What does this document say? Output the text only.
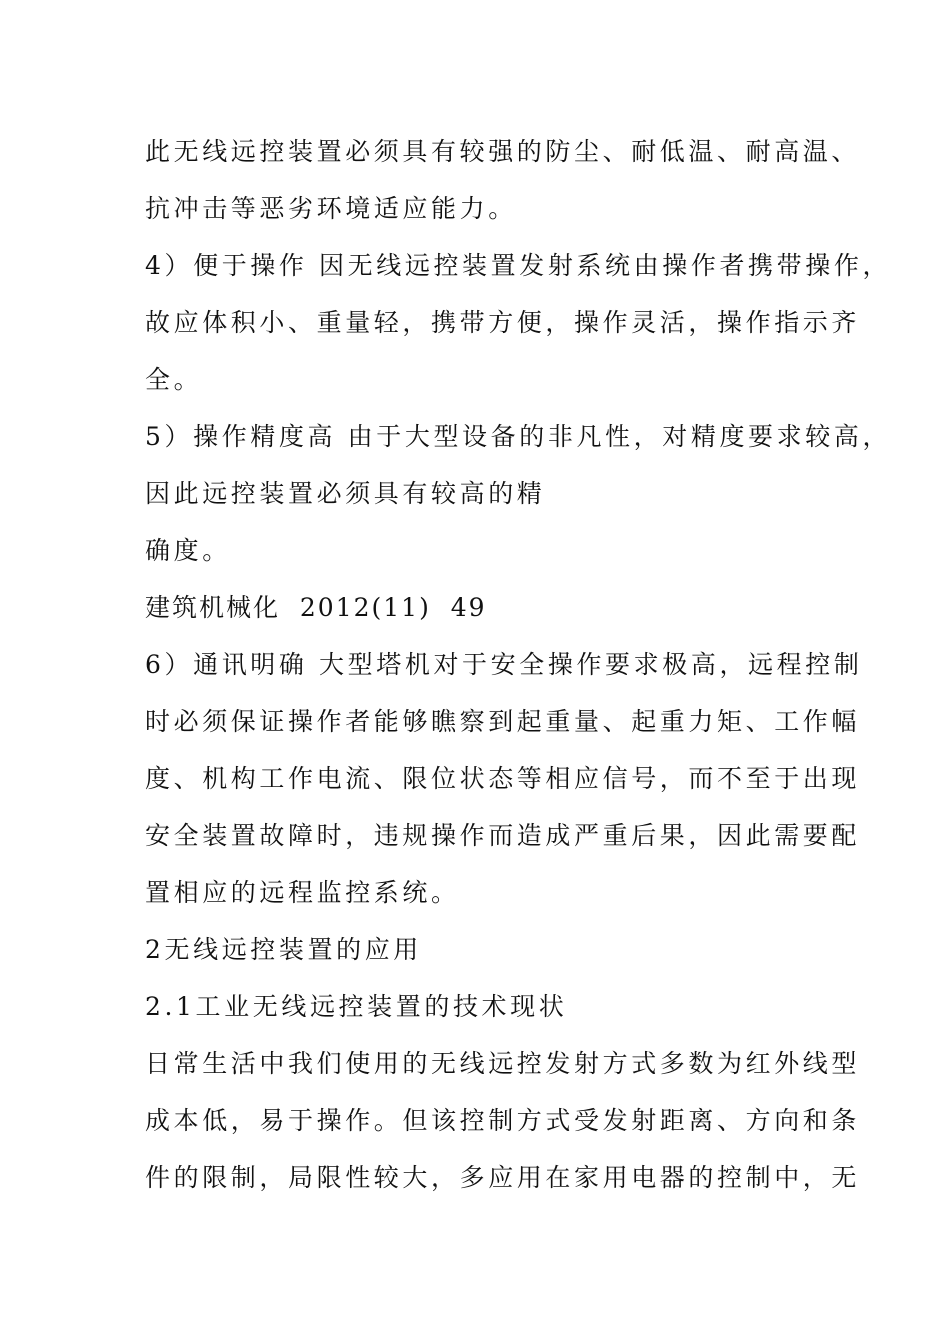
此无线远控装置必须具有较强的防尘、耐低温、耐高温、
抗冲击等恶劣环境适应能力。
4）便于操作 因无线远控装置发射系统由操作者携带操作，
故应体积小、重量轻，携带方便，操作灵活，操作指示齐
全。
5）操作精度高 由于大型设备的非凡性，对精度要求较高，
因此远控装置必须具有较高的精
确度。
建筑机械化  2012(11)  49
6）通讯明确 大型塔机对于安全操作要求极高，远程控制
时必须保证操作者能够瞧察到起重量、起重力矩、工作幅
度、机构工作电流、限位状态等相应信号，而不至于出现
安全装置故障时，违规操作而造成严重后果，因此需要配
置相应的远程监控系统。
2无线远控装置的应用
2.1工业无线远控装置的技术现状
日常生活中我们使用的无线远控发射方式多数为红外线型
成本低，易于操作。但该控制方式受发射距离、方向和条
件的限制，局限性较大，多应用在家用电器的控制中，无
